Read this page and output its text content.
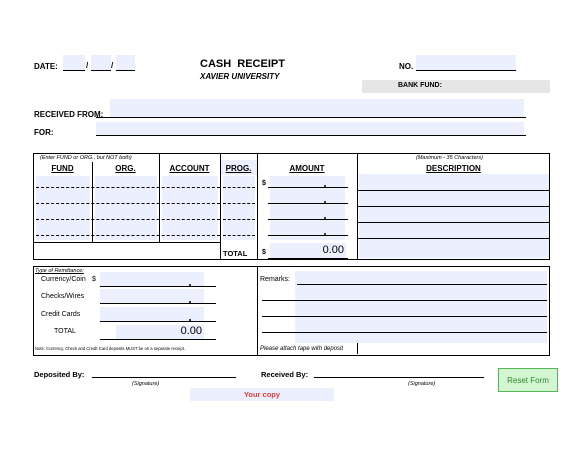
DATE:	/	/	CASH  RECEIPT
XAVIER UNIVERSITY
NO.
BANK FUND:
RECEIVED FROM:
FOR:
(Enter FUND or ORG., but NOT both)	(Maximum - 35 Characters)
FUND	ORG.	ACCOUNT	PROG.	AMOUNT	DESCRIPTION
$
TOTAL $	0.00
Type of Remittance:
Currency/Coin $
Checks/Wires
Credit Cards
TOTAL	0.00
Note: Currency, Check and Credit Card deposits MUST be on a separate receipt.
Remarks:
Please attach tape with deposit
Deposited By:
(Signature)
Received By:
(Signature)
Your copy
Reset Form
